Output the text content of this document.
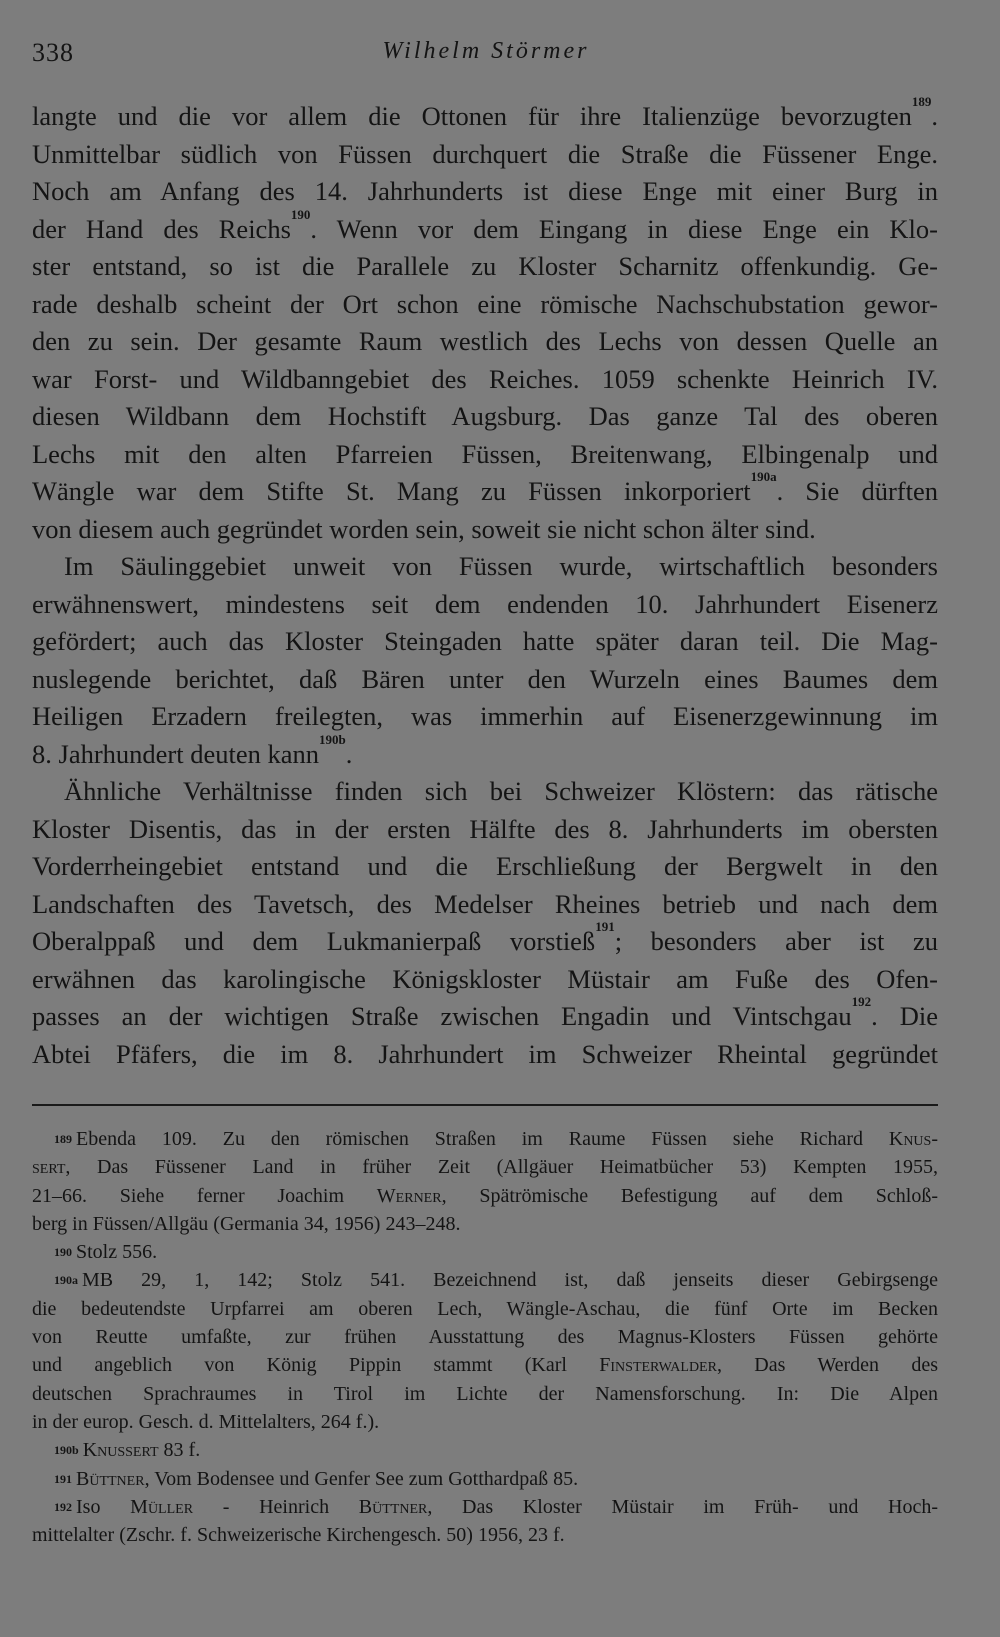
338	Wilhelm Störmer
langte und die vor allem die Ottonen für ihre Italienzüge bevorzugten$^{189}$.
Unmittelbar südlich von Füssen durchquert die Straße die Füssener Enge.
Noch am Anfang des 14. Jahrhunderts ist diese Enge mit einer Burg in
der Hand des Reichs$^{190}$. Wenn vor dem Eingang in diese Enge ein Klo-
ster entstand, so ist die Parallele zu Kloster Scharnitz offenkundig. Ge-
rade deshalb scheint der Ort schon eine römische Nachschubstation gewor-
den zu sein. Der gesamte Raum westlich des Lechs von dessen Quelle an
war Forst- und Wildbanngebiet des Reiches. 1059 schenkte Heinrich IV.
diesen Wildbann dem Hochstift Augsburg. Das ganze Tal des oberen
Lechs mit den alten Pfarreien Füssen, Breitenwang, Elbingenalp und
Wängle war dem Stifte St. Mang zu Füssen inkorporiert$^{190a}$. Sie dürften
von diesem auch gegründet worden sein, soweit sie nicht schon älter sind.
Im Säulinggebiet unweit von Füssen wurde, wirtschaftlich besonders
erwähnenswert, mindestens seit dem endenden 10. Jahrhundert Eisenerz
gefördert; auch das Kloster Steingaden hatte später daran teil. Die Mag-
nuslegende berichtet, daß Bären unter den Wurzeln eines Baumes dem
Heiligen Erzadern freilegten, was immerhin auf Eisenerzgewinnung im
8. Jahrhundert deuten kann$^{190b}$.
Ähnliche Verhältnisse finden sich bei Schweizer Klöstern: das rätische
Kloster Disentis, das in der ersten Hälfte des 8. Jahrhunderts im obersten
Vorderrheingebiet entstand und die Erschließung der Bergwelt in den
Landschaften des Tavetsch, des Medelser Rheines betrieb und nach dem
Oberalppaß und dem Lukmanierpaß vorstieß$^{191}$; besonders aber ist zu
erwähnen das karolingische Königskloster Müstair am Fuße des Ofen-
passes an der wichtigen Straße zwischen Engadin und Vintschgau$^{192}$. Die
Abtei Pfäfers, die im 8. Jahrhundert im Schweizer Rheintal gegründet
$^{189}$ Ebenda 109. Zu den römischen Straßen im Raume Füssen siehe Richard Knus-
sert, Das Füssener Land in früher Zeit (Allgäuer Heimatbücher 53) Kempten 1955,
21–66. Siehe ferner Joachim Werner, Spätrömische Befestigung auf dem Schloß-
berg in Füssen/Allgäu (Germania 34, 1956) 243–248.
$^{190}$ Stolz 556.
$^{190a}$ MB 29, 1, 142; Stolz 541. Bezeichnend ist, daß jenseits dieser Gebirgsenge
die bedeutendste Urpfarrei am oberen Lech, Wängle-Aschau, die fünf Orte im Becken
von Reutte umfaßte, zur frühen Ausstattung des Magnus-Klosters Füssen gehörte
und angeblich von König Pippin stammt (Karl Finsterwalder, Das Werden des
deutschen Sprachraumes in Tirol im Lichte der Namensforschung. In: Die Alpen
in der europ. Gesch. d. Mittelalters, 264 f.).
$^{190b}$ Knussert 83 f.
$^{191}$ Büttner, Vom Bodensee und Genfer See zum Gotthardpaß 85.
$^{192}$ Iso Müller - Heinrich Büttner, Das Kloster Müstair im Früh- und Hoch-
mittelalter (Zschr. f. Schweizerische Kirchengesch. 50) 1956, 23 f.
